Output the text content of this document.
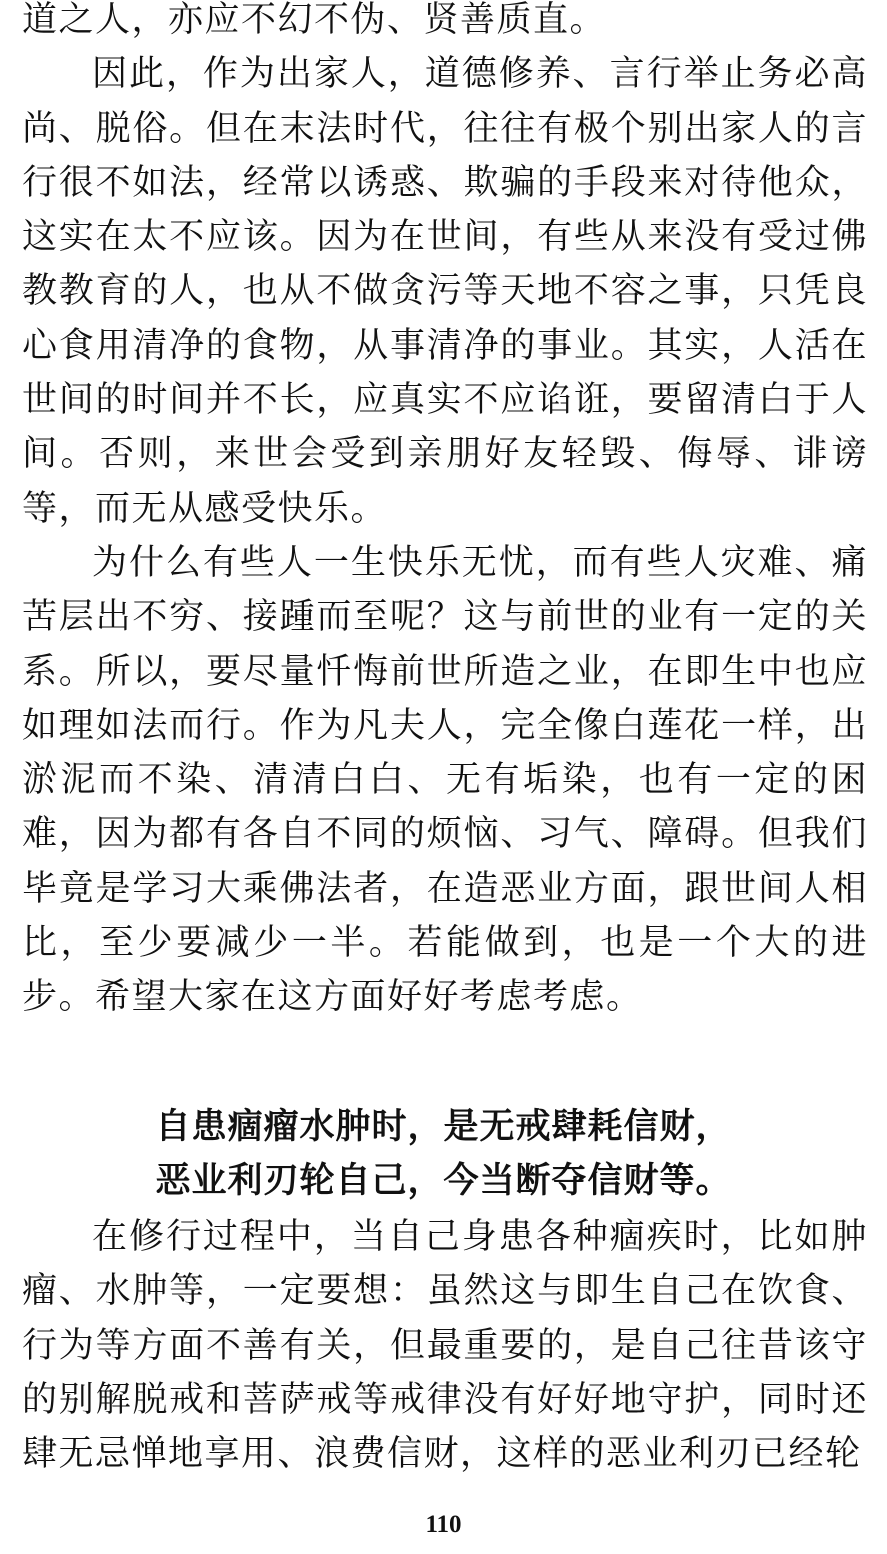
道之人，亦应不幻不伪、贤善质直。

因此，作为出家人，道德修养、言行举止务必高尚、脱俗。但在末法时代，往往有极个别出家人的言行很不如法，经常以诱惑、欺骗的手段来对待他众，这实在太不应该。因为在世间，有些从来没有受过佛教教育的人，也从不做贪污等天地不容之事，只凭良心食用清净的食物，从事清净的事业。其实，人活在世间的时间并不长，应真实不应谄诳，要留清白于人间。否则，来世会受到亲朋好友轻毁、侮辱、诽谤等，而无从感受快乐。

为什么有些人一生快乐无忧，而有些人灾难、痛苦层出不穷、接踵而至呢？这与前世的业有一定的关系。所以，要尽量忏悔前世所造之业，在即生中也应如理如法而行。作为凡夫人，完全像白莲花一样，出淤泥而不染、清清白白、无有垢染，也有一定的困难，因为都有各自不同的烦恼、习气、障碍。但我们毕竟是学习大乘佛法者，在造恶业方面，跟世间人相比，至少要减少一半。若能做到，也是一个大的进步。希望大家在这方面好好考虑考虑。

自患痼瘤水肿时，是无戒肆耗信财，
恶业利刃轮自己，今当断夺信财等。

在修行过程中，当自己身患各种痼疾时，比如肿瘤、水肿等，一定要想：虽然这与即生自己在饮食、行为等方面不善有关，但最重要的，是自己往昔该守的别解脱戒和菩萨戒等戒律没有好好地守护，同时还肆无忌惮地享用、浪费信财，这样的恶业利刃已经轮

110
